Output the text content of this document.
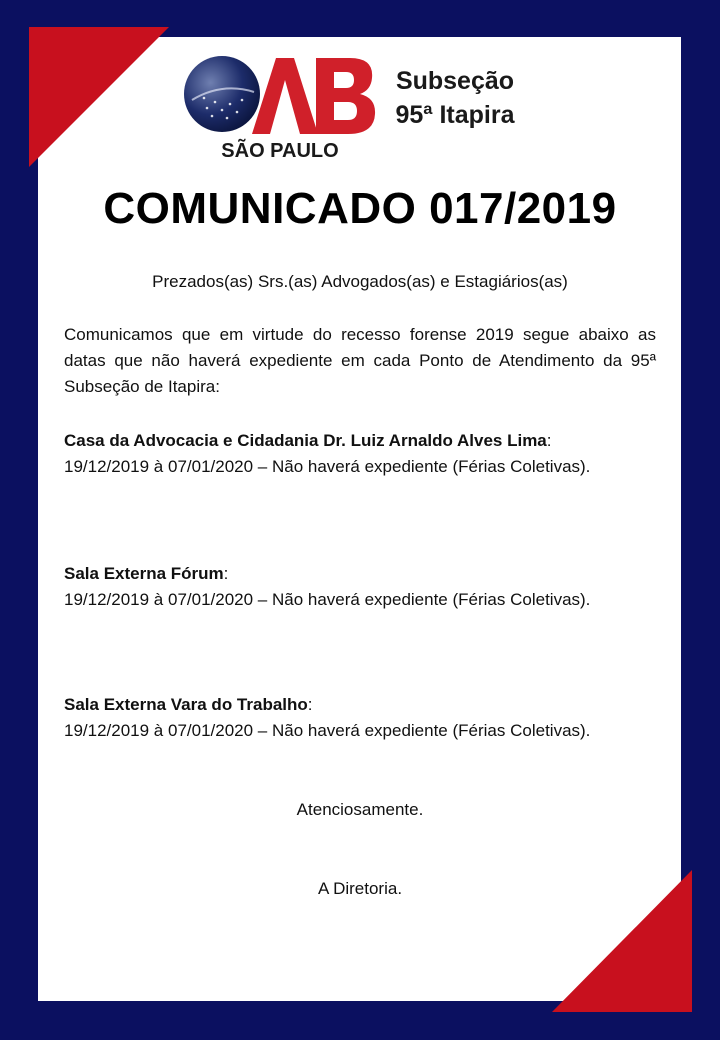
Subseção
95ª Itapira
SÃO PAULO
COMUNICADO 017/2019
Prezados(as) Srs.(as) Advogados(as) e Estagiários(as)
Comunicamos que em virtude do recesso forense 2019 segue abaixo as datas que não haverá expediente em cada Ponto de Atendimento da 95ª Subseção de Itapira:
Casa da Advocacia e Cidadania Dr. Luiz Arnaldo Alves Lima:
19/12/2019 à 07/01/2020 – Não haverá expediente (Férias Coletivas).
Sala Externa Fórum:
19/12/2019 à 07/01/2020 – Não haverá expediente (Férias Coletivas).
Sala Externa Vara do Trabalho:
19/12/2019 à 07/01/2020 – Não haverá expediente (Férias Coletivas).
Atenciosamente.
A Diretoria.
